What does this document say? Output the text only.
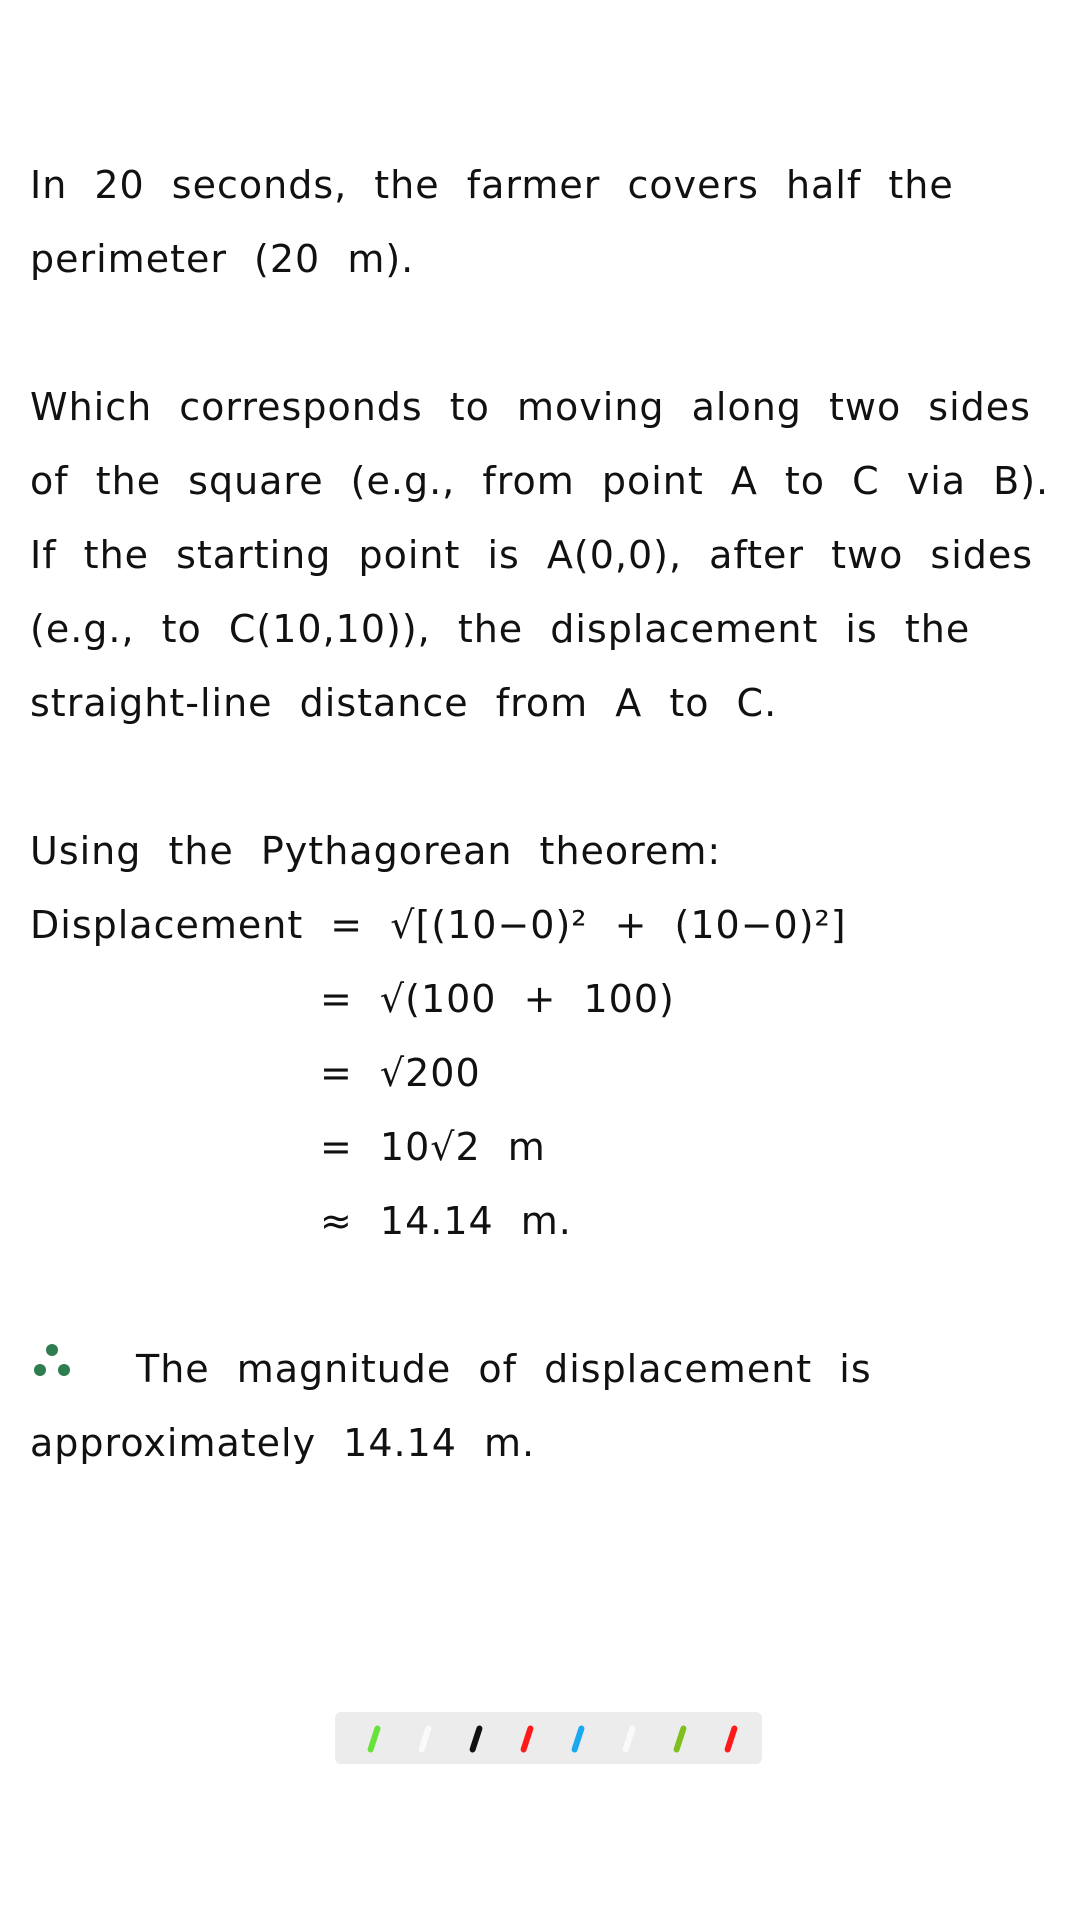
In 20 seconds, the farmer covers half the perimeter (20 m).

Which corresponds to moving along two sides of the square (e.g., from point A to C via B). If the starting point is A(0,0), after two sides (e.g., to C(10,10)), the displacement is the straight-line distance from A to C.

Using the Pythagorean theorem:

Displacement = √[(10−0)² + (10−0)²]

= √(100 + 100)

= √200

= 10√2 m

≈ 14.14 m.

The magnitude of displacement is approximately 14.14 m.
